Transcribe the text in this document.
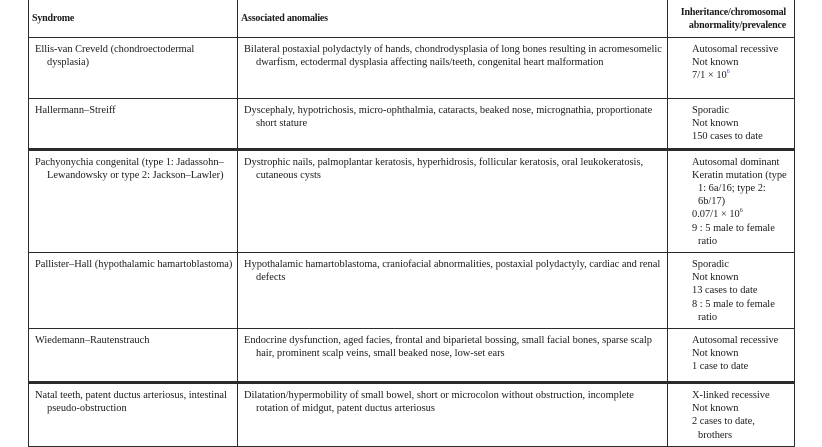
Syndrome	Associated anomalies	Inheritance/chromosomal abnormality/prevalence

Ellis-van Creveld (chondroectodermal dysplasia)	Bilateral postaxial polydactyly of hands, chondrodysplasia of long bones resulting in acromesomelic dwarfism, ectodermal dysplasia affecting nails/teeth, congenital heart malformation	Autosomal recessive
Not known
$7/1 \times 10^6$

Hallermann–Streiff	Dyscephaly, hypotrichosis, micro-ophthalmia, cataracts, beaked nose, micrognathia, proportionate short stature	Sporadic
Not known
150 cases to date

Pachyonychia congenital (type 1: Jadassohn–Lewandowsky or type 2: Jackson–Lawler)	Dystrophic nails, palmoplantar keratosis, hyperhidrosis, follicular keratosis, oral leukokeratosis, cutaneous cysts	Autosomal dominant
Keratin mutation (type 1: 6a/16; type 2: 6b/17)
$0.07/1 \times 10^6$
9 : 5 male to female ratio

Pallister–Hall (hypothalamic hamartoblastoma)	Hypothalamic hamartoblastoma, craniofacial abnormalities, postaxial polydactyly, cardiac and renal defects	Sporadic
Not known
13 cases to date
8 : 5 male to female ratio

Wiedemann–Rautenstrauch	Endocrine dysfunction, aged facies, frontal and biparietal bossing, small facial bones, sparse scalp hair, prominent scalp veins, small beaked nose, low-set ears	Autosomal recessive
Not known
1 case to date

Natal teeth, patent ductus arteriosus, intestinal pseudo-obstruction	Dilatation/hypermobility of small bowel, short or microcolon without obstruction, incomplete rotation of midgut, patent ductus arteriosus	X-linked recessive
Not known
2 cases to date, brothers
